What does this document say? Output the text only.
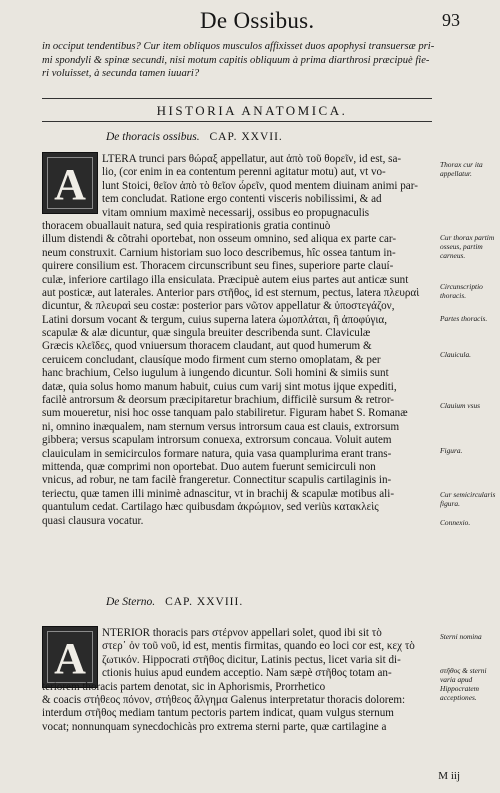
De Ossibus.	93
in occiput tendentibus? Cur item obliquos musculos affixisset duos apophysi transuersæ pri-
mi spondyli & spinæ secundi, nisi motum capitis obliquum à prima diarthrosi præcipuè fie-
ri voluisset, à secunda tamen iuuari?
HISTORIA ANATOMICA.
De thoracis ossibus. CAP. XXVII.
A
LTERA trunci pars θώραξ appellatur, aut ἀπὸ τοῦ θορεῖν, id est, sa-
lio, (cor enim in ea contentum perenni agitatur motu) aut, vt vo-
lunt Stoici, θεῖον ἀπὸ τὸ θεῖον ὦρεῖν, quod mentem diuinam animi par-
tem concludat. Ratione ergo contenti visceris nobilissimi, & ad
vitam omnium maximè necessarij, ossibus eo propugnaculis
thoracem obuallauit natura, sed quia respirationis gratia continuò
illum distendi & cõtrahi oportebat, non osseum omnino, sed aliqua ex parte car-
neum construxit. Carnium historiam suo loco describemus, hîc ossea tantum in-
quirere consilium est. Thoracem circunscribunt seu fines, superiore parte clauí-
culæ, inferiore cartilago illa ensiculata. Præcipuè autem eius partes aut anticæ sunt
aut posticæ, aut laterales. Anterior pars στῆθος, id est sternum, pectus, latera πλευραὶ
dicuntur, & πλευραὶ seu costæ: posterior pars νῶτον appellatur & ὑποστεγάζον,
Latini dorsum vocant & tergum, cuius superna latera ὠμοπλάται, ἢ ἀποφύγια,
scapulæ & alæ dicuntur, quæ singula breuiter describenda sunt. Claviculæ
Græcis κλεῖδες, quod vniuersum thoracem claudant, aut quod humerum &
ceruicem concludant, clausíque modo firment cum sterno omoplatam, & per
hanc brachium, Celso iugulum à iungendo dicuntur. Soli homini & simiis sunt
datæ, quia solus homo manum habuit, cuius cum varij sint motus ijque expediti,
facilè antrorsum & deorsum præcipitaretur brachium, difficilè sursum & retror-
sum moueretur, nisi hoc osse tanquam palo stabiliretur. Figuram habet S. Romanæ
ni, omnino inæqualem, nam sternum versus introrsum caua est clauis, extrorsum
gibbera; versus scapulam introrsum conuexa, extrorsum concaua. Voluit autem
clauiculam in semicirculos formare natura, quia vasa quamplurima erant trans-
mittenda, quæ comprimi non oportebat. Duo autem fuerunt semicirculi non
vnicus, ad robur, ne tam facilè frangeretur. Connectitur scapulis cartilaginis in-
teriectu, quæ tamen illi minimè adnascitur, vt in brachij & scapulæ motibus ali-
quantulum cedat. Cartilago hæc quibusdam ἀκρώμιον, sed veriùs κατακλεὶς
quasi clausura vocatur.
De Sterno. CAP. XXVIII.
A
NTERIOR thoracis pars στέρνον appellari solet, quod ibi sit τὸ
στερ᾽ ὀν τοῦ νοῦ, id est, mentis firmitas, quando eo loci cor est, κεχ τὸ
ζωτικόν. Hippocrati στῆθος dicitur, Latinis pectus, licet varia sit di-
ctionis huius apud eundem acceptio. Nam sæpè στῆθος totam an-
teriorem thoracis partem denotat, sic in Aphorismis, Prorrhetico
& coacis στήθεος πόνον, στήθεος ἄλγημα Galenus interpretatur thoracis dolorem:
interdum στῆθος mediam tantum pectoris partem indicat, quam vulgus sternum
vocat; nonnunquam synecdochicàs pro extrema sterni parte, quæ cartilagine a
Thorax cur ita appellatur.
Cur thorax partim osseus, partim carneus.
Circunscriptio thoracis.
Partes thoracis.
Clauicula.
Clauium vsus
Figura.
Cur semicircularis figura.
Connexio.
Sterni nomina
στῆθος & sterni varia apud Hippocratem acceptiones.
M iij
